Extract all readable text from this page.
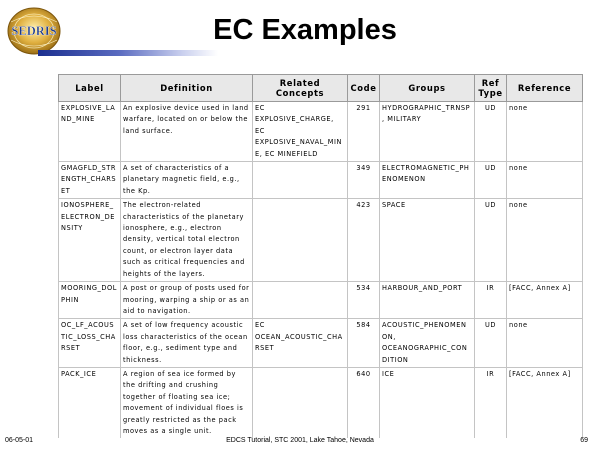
SEDRIS	EC Examples
Label	Definition	Related Concepts	Code	Groups	Ref Type	Reference
EXPLOSIVE_LAND_MINE	An explosive device used in land warfare, located on or below the land surface.	EC EXPLOSIVE_CHARGE, EC EXPLOSIVE_NAVAL_MINE, EC MINEFIELD	291	HYDROGRAPHIC_TRNSP, MILITARY	UD	none
GMAGFLD_STRENGTH_CHARSET	A set of characteristics of a planetary magnetic field, e.g., the Kp.		349	ELECTROMAGNETIC_PHENOMENON	UD	none
IONOSPHERE_ELECTRON_DENSITY	The electron-related characteristics of the planetary ionosphere, e.g., electron density, vertical total electron count, or electron layer data such as critical frequencies and heights of the layers.		423	SPACE	UD	none
MOORING_DOLPHIN	A post or group of posts used for mooring, warping a ship or as an aid to navigation.		534	HARBOUR_AND_PORT	IR	[FACC, Annex A]
OC_LF_ACOUSTIC_LOSS_CHARSET	A set of low frequency acoustic loss characteristics of the ocean floor, e.g., sediment type and thickness.	EC OCEAN_ACOUSTIC_CHARSET	584	ACOUSTIC_PHENOMENON, OCEANOGRAPHIC_CONDITION	UD	none
PACK_ICE	A region of sea ice formed by the drifting and crushing together of floating sea ice; movement of individual floes is greatly restricted as the pack moves as a single unit.		640	ICE	IR	[FACC, Annex A]
06-05-01	EDCS Tutorial, STC 2001, Lake Tahoe, Nevada	69
